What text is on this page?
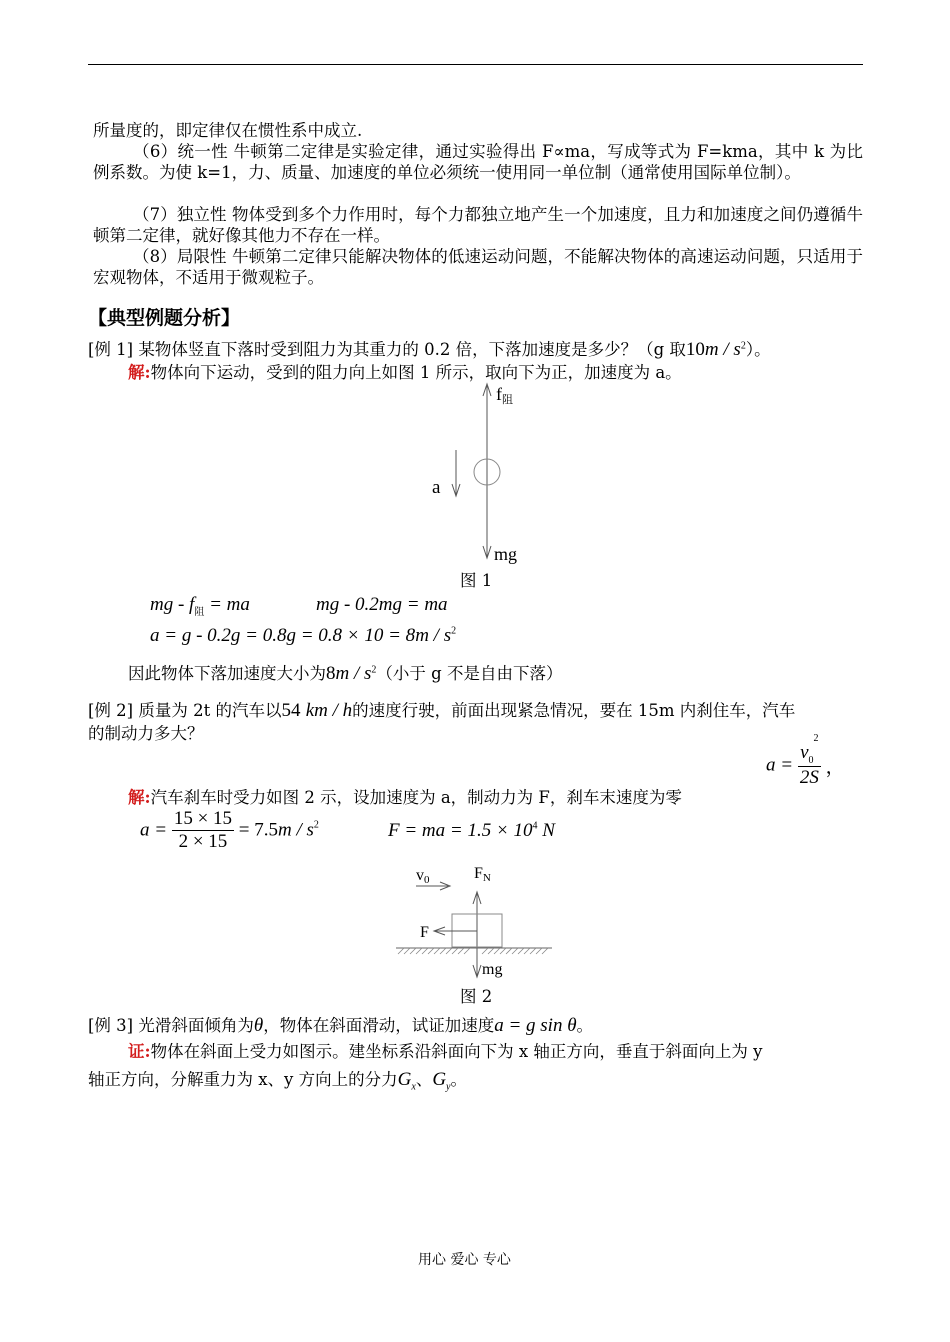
所量度的，即定律仅在惯性系中成立.
（6）统一性 牛顿第二定律是实验定律，通过实验得出 F∝ma，写成等式为 F=kma，其中 k 为比例系数。为使 k=1，力、质量、加速度的单位必须统一使用同一单位制（通常使用国际单位制）。
（7）独立性 物体受到多个力作用时，每个力都独立地产生一个加速度，且力和加速度之间仍遵循牛顿第二定律，就好像其他力不存在一样。
（8）局限性 牛顿第二定律只能解决物体的低速运动问题，不能解决物体的高速运动问题，只适用于宏观物体，不适用于微观粒子。
【典型例题分析】
[例 1] 某物体竖直下落时受到阻力为其重力的 0.2 倍，下落加速度是多少？（g 取$10m / s^2$）。
解:物体向下运动，受到的阻力向上如图 1 所示，取向下为正，加速度为 a。
f阻
a
mg
图 1
mg - $f_阻$ = ma	mg - 0.2mg = ma
$a = g - 0.2g = 0.8g = 0.8 \times 10 = 8m / s^2$
因此物体下落加速度大小为$8m / s^2$（小于 g 不是自由下落）
[例 2] 质量为 2t 的汽车以54 km / h的速度行驶，前面出现紧急情况，要在 15m 内刹住车，汽车
的制动力多大？
$a = \frac{v_0^2}{2S}$ ，
解:汽车刹车时受力如图 2 示，设加速度为 a，制动力为 F，刹车末速度为零
$a = \frac{15 \times 15}{2 \times 15} = 7.5m / s^2$	F = ma = $1.5 \times 10^4$ N
v0	FN
F
mg
图 2
[例 3] 光滑斜面倾角为θ，物体在斜面滑动，试证加速度a = g sin θ。
证:物体在斜面上受力如图示。建坐标系沿斜面向下为 x 轴正方向，垂直于斜面向上为 y
轴正方向，分解重力为 x、y 方向上的分力$G_x$、$G_y$。
用心 爱心 专心
